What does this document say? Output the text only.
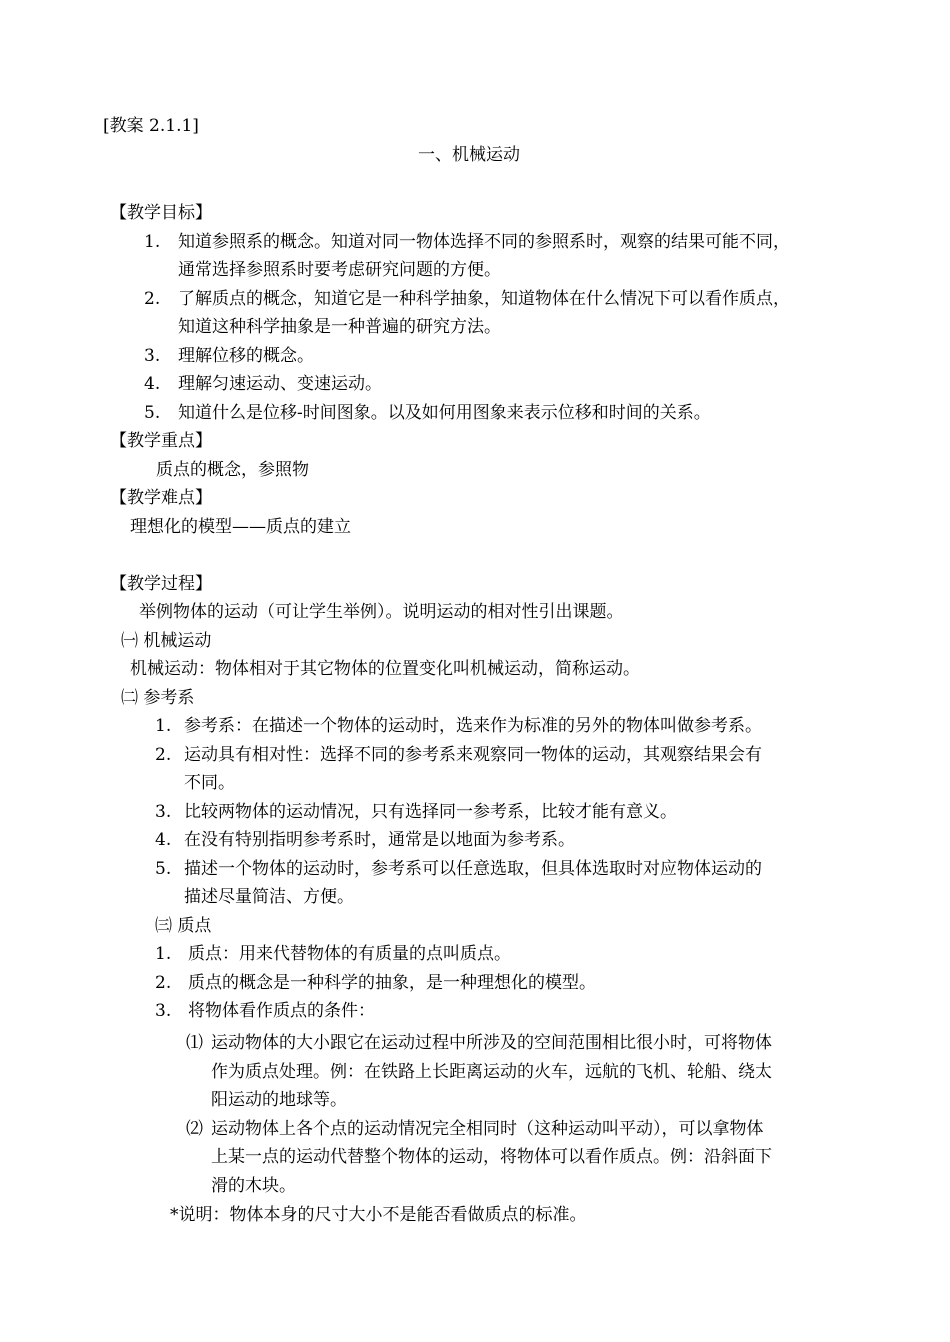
[教案 2.1.1]
一、机械运动
【教学目标】
1. 知道参照系的概念。知道对同一物体选择不同的参照系时，观察的结果可能不同，
通常选择参照系时要考虑研究问题的方便。
2. 了解质点的概念，知道它是一种科学抽象，知道物体在什么情况下可以看作质点，
知道这种科学抽象是一种普遍的研究方法。
3. 理解位移的概念。
4. 理解匀速运动、变速运动。
5. 知道什么是位移-时间图象。以及如何用图象来表示位移和时间的关系。
【教学重点】
质点的概念，参照物
【教学难点】
理想化的模型——质点的建立
【教学过程】
举例物体的运动（可让学生举例）。说明运动的相对性引出课题。
㈠ 机械运动
机械运动：物体相对于其它物体的位置变化叫机械运动，简称运动。
㈡ 参考系
1. 参考系：在描述一个物体的运动时，选来作为标准的另外的物体叫做参考系。
2. 运动具有相对性：选择不同的参考系来观察同一物体的运动，其观察结果会有
不同。
3. 比较两物体的运动情况，只有选择同一参考系，比较才能有意义。
4. 在没有特别指明参考系时，通常是以地面为参考系。
5. 描述一个物体的运动时，参考系可以任意选取，但具体选取时对应物体运动的
描述尽量简洁、方便。
㈢ 质点
1. 质点：用来代替物体的有质量的点叫质点。
2. 质点的概念是一种科学的抽象，是一种理想化的模型。
3. 将物体看作质点的条件：
⑴ 运动物体的大小跟它在运动过程中所涉及的空间范围相比很小时，可将物体
作为质点处理。例：在铁路上长距离运动的火车，远航的飞机、轮船、绕太
阳运动的地球等。
⑵ 运动物体上各个点的运动情况完全相同时（这种运动叫平动），可以拿物体
上某一点的运动代替整个物体的运动，将物体可以看作质点。例：沿斜面下
滑的木块。
*说明：物体本身的尺寸大小不是能否看做质点的标准。
